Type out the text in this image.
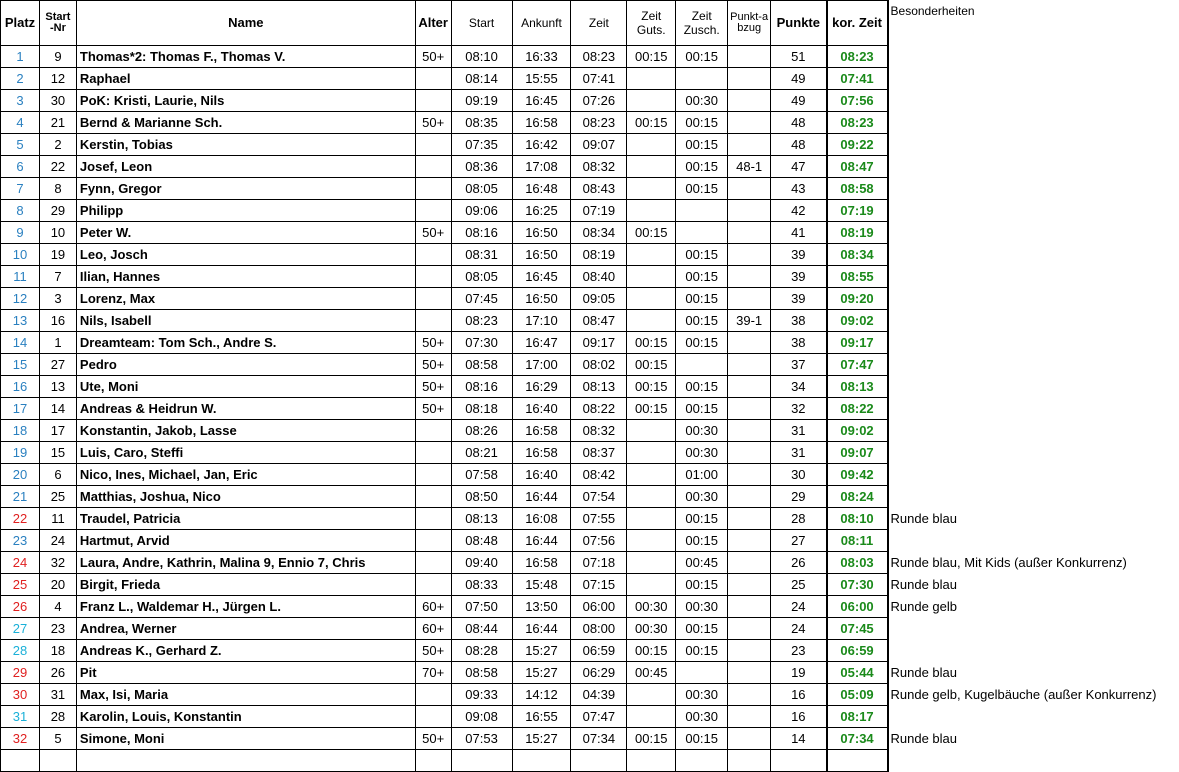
Platz	Start-Nr	Name	Alter	Start	Ankunft	Zeit	Zeit Guts.	Zeit Zusch.	Punkt-abzug	Punkte	kor. Zeit	Besonderheiten
1	9	Thomas*2: Thomas F., Thomas V.	50+	08:10	16:33	08:23	00:15	00:15		51	08:23	
2	12	Raphael		08:14	15:55	07:41				49	07:41	
3	30	PoK: Kristi, Laurie, Nils		09:19	16:45	07:26		00:30		49	07:56	
4	21	Bernd & Marianne Sch.	50+	08:35	16:58	08:23	00:15	00:15		48	08:23	
5	2	Kerstin, Tobias		07:35	16:42	09:07		00:15		48	09:22	
6	22	Josef, Leon		08:36	17:08	08:32		00:15	48-1	47	08:47	
7	8	Fynn, Gregor		08:05	16:48	08:43		00:15		43	08:58	
8	29	Philipp		09:06	16:25	07:19				42	07:19	
9	10	Peter W.	50+	08:16	16:50	08:34	00:15			41	08:19	
10	19	Leo, Josch		08:31	16:50	08:19		00:15		39	08:34	
11	7	Ilian, Hannes		08:05	16:45	08:40		00:15		39	08:55	
12	3	Lorenz, Max		07:45	16:50	09:05		00:15		39	09:20	
13	16	Nils, Isabell		08:23	17:10	08:47		00:15	39-1	38	09:02	
14	1	Dreamteam: Tom Sch., Andre S.	50+	07:30	16:47	09:17	00:15	00:15		38	09:17	
15	27	Pedro	50+	08:58	17:00	08:02	00:15			37	07:47	
16	13	Ute, Moni	50+	08:16	16:29	08:13	00:15	00:15		34	08:13	
17	14	Andreas & Heidrun W.	50+	08:18	16:40	08:22	00:15	00:15		32	08:22	
18	17	Konstantin, Jakob, Lasse		08:26	16:58	08:32		00:30		31	09:02	
19	15	Luis, Caro, Steffi		08:21	16:58	08:37		00:30		31	09:07	
20	6	Nico, Ines, Michael, Jan, Eric		07:58	16:40	08:42		01:00		30	09:42	
21	25	Matthias, Joshua, Nico		08:50	16:44	07:54		00:30		29	08:24	
22	11	Traudel, Patricia		08:13	16:08	07:55		00:15		28	08:10	Runde blau
23	24	Hartmut, Arvid		08:48	16:44	07:56		00:15		27	08:11	
24	32	Laura, Andre, Kathrin, Malina 9, Ennio 7, Chris		09:40	16:58	07:18		00:45		26	08:03	Runde blau, Mit Kids (außer Konkurrenz)
25	20	Birgit, Frieda		08:33	15:48	07:15		00:15		25	07:30	Runde blau
26	4	Franz L., Waldemar H., Jürgen L.	60+	07:50	13:50	06:00	00:30	00:30		24	06:00	Runde gelb
27	23	Andrea, Werner	60+	08:44	16:44	08:00	00:30	00:15		24	07:45	
28	18	Andreas K., Gerhard Z.	50+	08:28	15:27	06:59	00:15	00:15		23	06:59	
29	26	Pit	70+	08:58	15:27	06:29	00:45			19	05:44	Runde blau
30	31	Max, Isi, Maria		09:33	14:12	04:39		00:30		16	05:09	Runde gelb, Kugelbäuche (außer Konkurrenz)
31	28	Karolin, Louis, Konstantin		09:08	16:55	07:47		00:30		16	08:17	
32	5	Simone, Moni	50+	07:53	15:27	07:34	00:15	00:15		14	07:34	Runde blau
